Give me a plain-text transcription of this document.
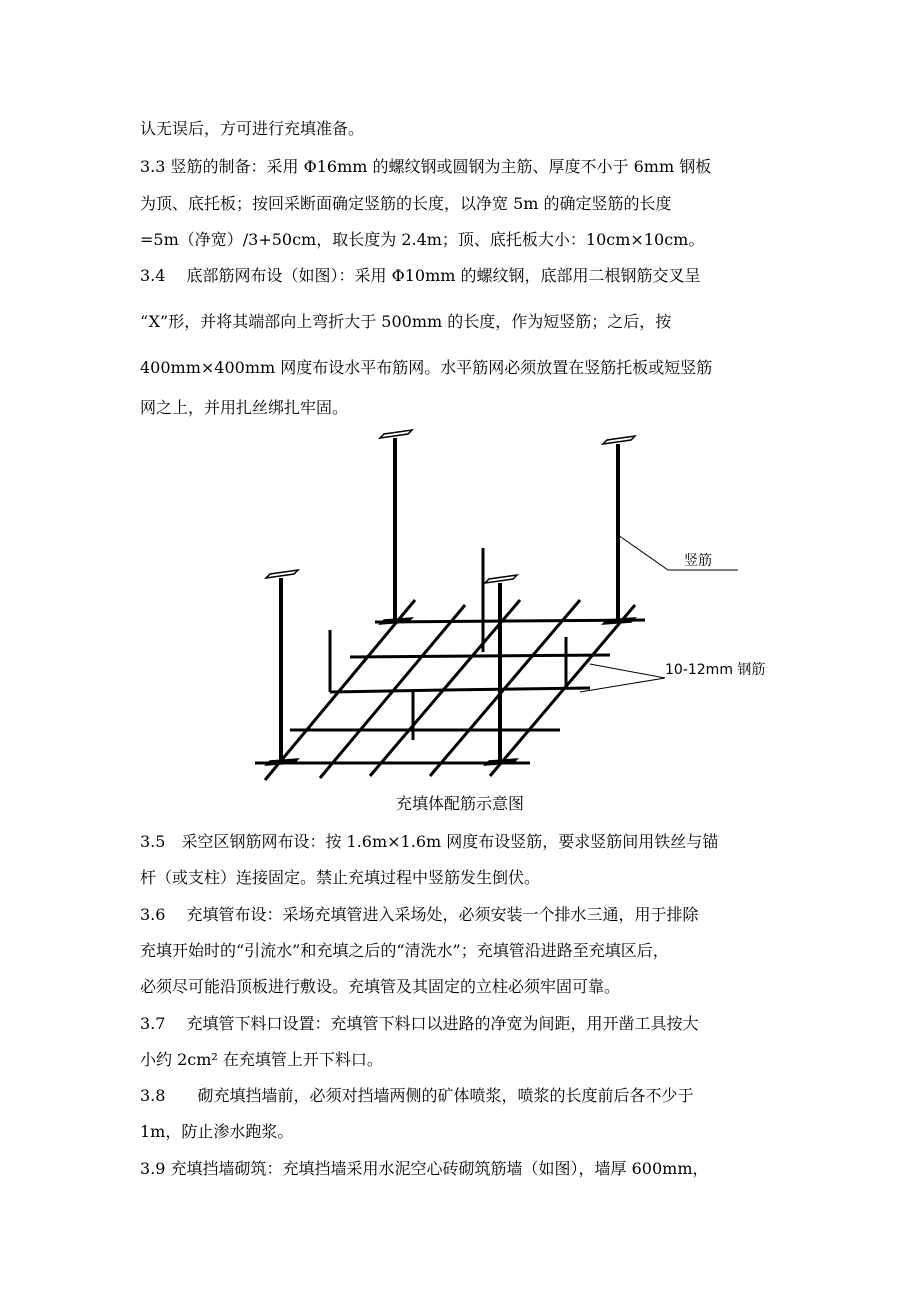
认无误后，方可进行充填准备。
3.3 竖筋的制备：采用 Φ16mm 的螺纹钢或圆钢为主筋、厚度不小于 6mm 钢板
为顶、底托板；按回采断面确定竖筋的长度，以净宽 5m 的确定竖筋的长度
=5m（净宽）/3+50cm，取长度为 2.4m；顶、底托板大小：10cm×10cm。
3.4　 底部筋网布设（如图）：采用 Φ10mm 的螺纹钢，底部用二根钢筋交叉呈
“X”形，并将其端部向上弯折大于 500mm 的长度，作为短竖筋；之后，按
400mm×400mm 网度布设水平布筋网。水平筋网必须放置在竖筋托板或短竖筋
网之上，并用扎丝绑扎牢固。
竖筋
10-12mm 钢筋
充填体配筋示意图
3.5　采空区钢筋网布设：按 1.6m×1.6m 网度布设竖筋，要求竖筋间用铁丝与锚
杆（或支柱）连接固定。禁止充填过程中竖筋发生倒伏。
3.6　 充填管布设：采场充填管进入采场处，必须安装一个排水三通，用于排除
充填开始时的“引流水”和充填之后的“清洗水”；充填管沿进路至充填区后，
必须尽可能沿顶板进行敷设。充填管及其固定的立柱必须牢固可靠。
3.7　 充填管下料口设置：充填管下料口以进路的净宽为间距，用开凿工具按大
小约 2cm² 在充填管上开下料口。
3.8　　砌充填挡墙前，必须对挡墙两侧的矿体喷浆，喷浆的长度前后各不少于
1m，防止渗水跑浆。
3.9 充填挡墙砌筑：充填挡墙采用水泥空心砖砌筑筋墙（如图），墙厚 600mm，
